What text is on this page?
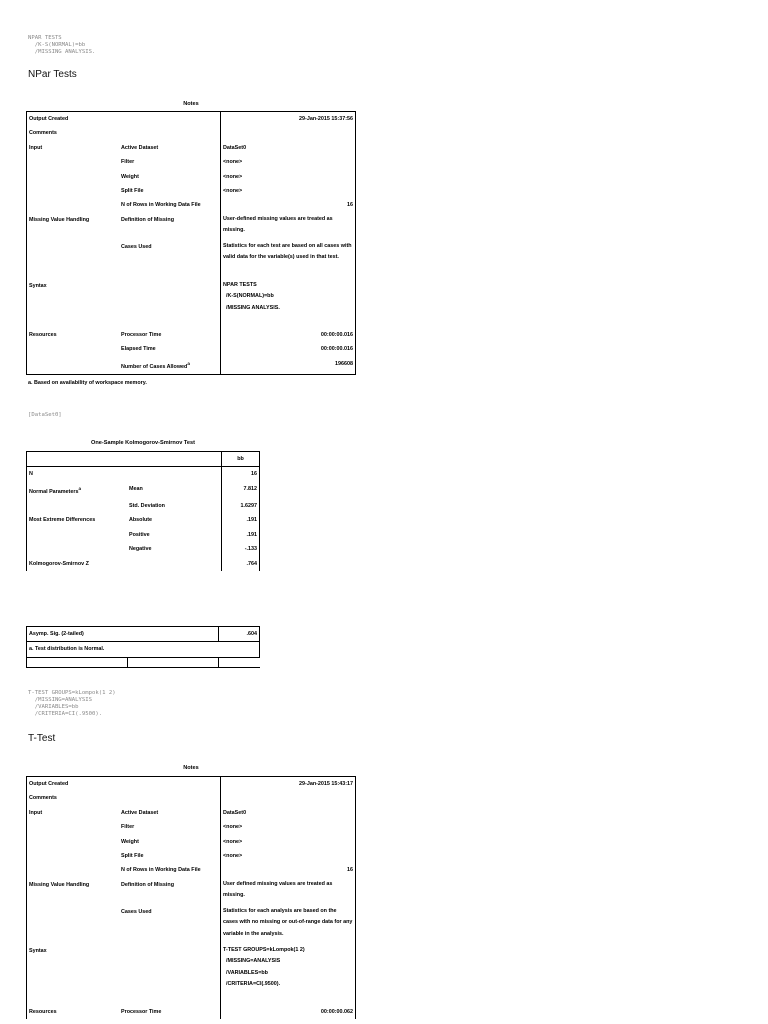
NPAR TESTS
/K-S(NORMAL)=bb
/MISSING ANALYSIS.
NPar Tests
Notes
Output Created		29-Jan-2015 15:37:56
Comments		
Input	Active Dataset	DataSet0
	Filter	<none>
	Weight	<none>
	Split File	<none>
	N of Rows in Working Data File	16
Missing Value Handling	Definition of Missing	User-defined missing values are treated as missing.
	Cases Used	Statistics for each test are based on all cases with valid data for the variable(s) used in that test.
Syntax		NPAR TESTS
/K-S(NORMAL)=bb
/MISSING ANALYSIS.

Resources	Processor Time	00:00:00.016
	Elapsed Time	00:00:00.016
	Number of Cases Allowed$^a$	196608
a. Based on availability of workspace memory.
[DataSet0]
One-Sample Kolmogorov-Smirnov Test
		bb
N		16
Normal Parameters$^a$	Mean	7.812
	Std. Deviation	1.6297
Most Extreme Differences	Absolute	.191
	Positive	.191
	Negative	-.133
Kolmogorov-Smirnov Z		.764
Asymp. Sig. (2-tailed)		.604
a. Test distribution is Normal.		

T-TEST GROUPS=kLompok(1 2)
/MISSING=ANALYSIS
/VARIABLES=bb
/CRITERIA=CI(.9500).
T-Test
Notes
Output Created		29-Jan-2015 15:43:17
Comments		
Input	Active Dataset	DataSet0
	Filter	<none>
	Weight	<none>
	Split File	<none>
	N of Rows in Working Data File	16
Missing Value Handling	Definition of Missing	User defined missing values are treated as missing.
	Cases Used	Statistics for each analysis are based on the cases with no missing or out-of-range data for any variable in the analysis.
Syntax		T-TEST GROUPS=kLompok(1 2)
/MISSING=ANALYSIS
/VARIABLES=bb
/CRITERIA=CI(.9500).

Resources	Processor Time	00:00:00.062
